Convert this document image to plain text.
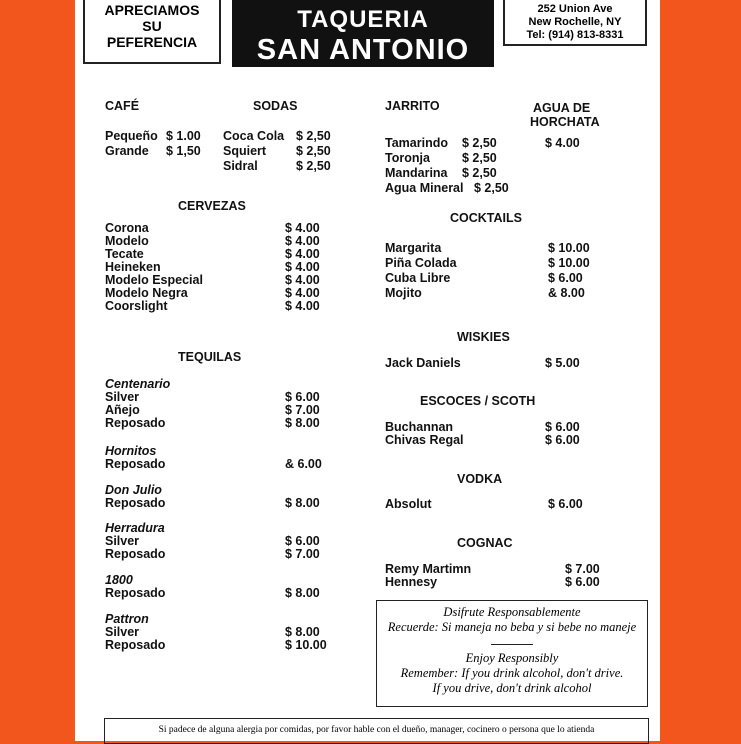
APRECIAMOS
SU
PEFERENCIA
TAQUERIA
SAN ANTONIO
252 Union Ave
New Rochelle, NY
Tel: (914) 813-8331
CAFÉ
Pequeño $ 1.00
Grande $ 1,50
SODAS
Coca Cola $ 2,50
Squiert $ 2,50
Sidral	$ 2,50
CERVEZAS
TEQUILAS
JARRITO
Tamarindo $ 2,50
Toronja	$ 2,50
Mandarina $ 2,50
Agua Mineral $ 2,50
AGUA DE
HORCHATA
$ 4.00
Dsifrute Responsablemente
Recuerde: Si maneja no beba y si bebe no maneje
Enjoy Responsibly
Remember: If you drink alcohol, don't drive.
If you drive, don't drink alcohol
Si padece de alguna alergia por comidas, por favor hable con el dueño, manager, cocinero o persona que lo atienda
Corona	$ 4.00
Modelo	$ 4.00
Tecate	$ 4.00
Heineken	$ 4.00
Modelo Especial	$ 4.00
Modelo Negra	$ 4.00
Coorslight	$ 4.00
Centenario
Silver	$ 6.00
Añejo	$ 7.00
Reposado	$ 8.00
Hornitos
Reposado	& 6.00
Don Julio
Reposado	$ 8.00
Herradura
Silver	$ 6.00
Reposado	$ 7.00
1800
Reposado	$ 8.00
Pattron
Silver	$ 8.00
Reposado	$ 10.00
COCKTAILS
Margarita	$ 10.00
Piña Colada	$ 10.00
Cuba Libre	$ 6.00
Mojito	& 8.00
WISKIES
Jack Daniels	$ 5.00
ESCOCES / SCOTH
Buchannan	$ 6.00
Chivas Regal	$ 6.00
VODKA
Absolut	$ 6.00
COGNAC
Remy Martimn	$ 7.00
Hennesy	$ 6.00
